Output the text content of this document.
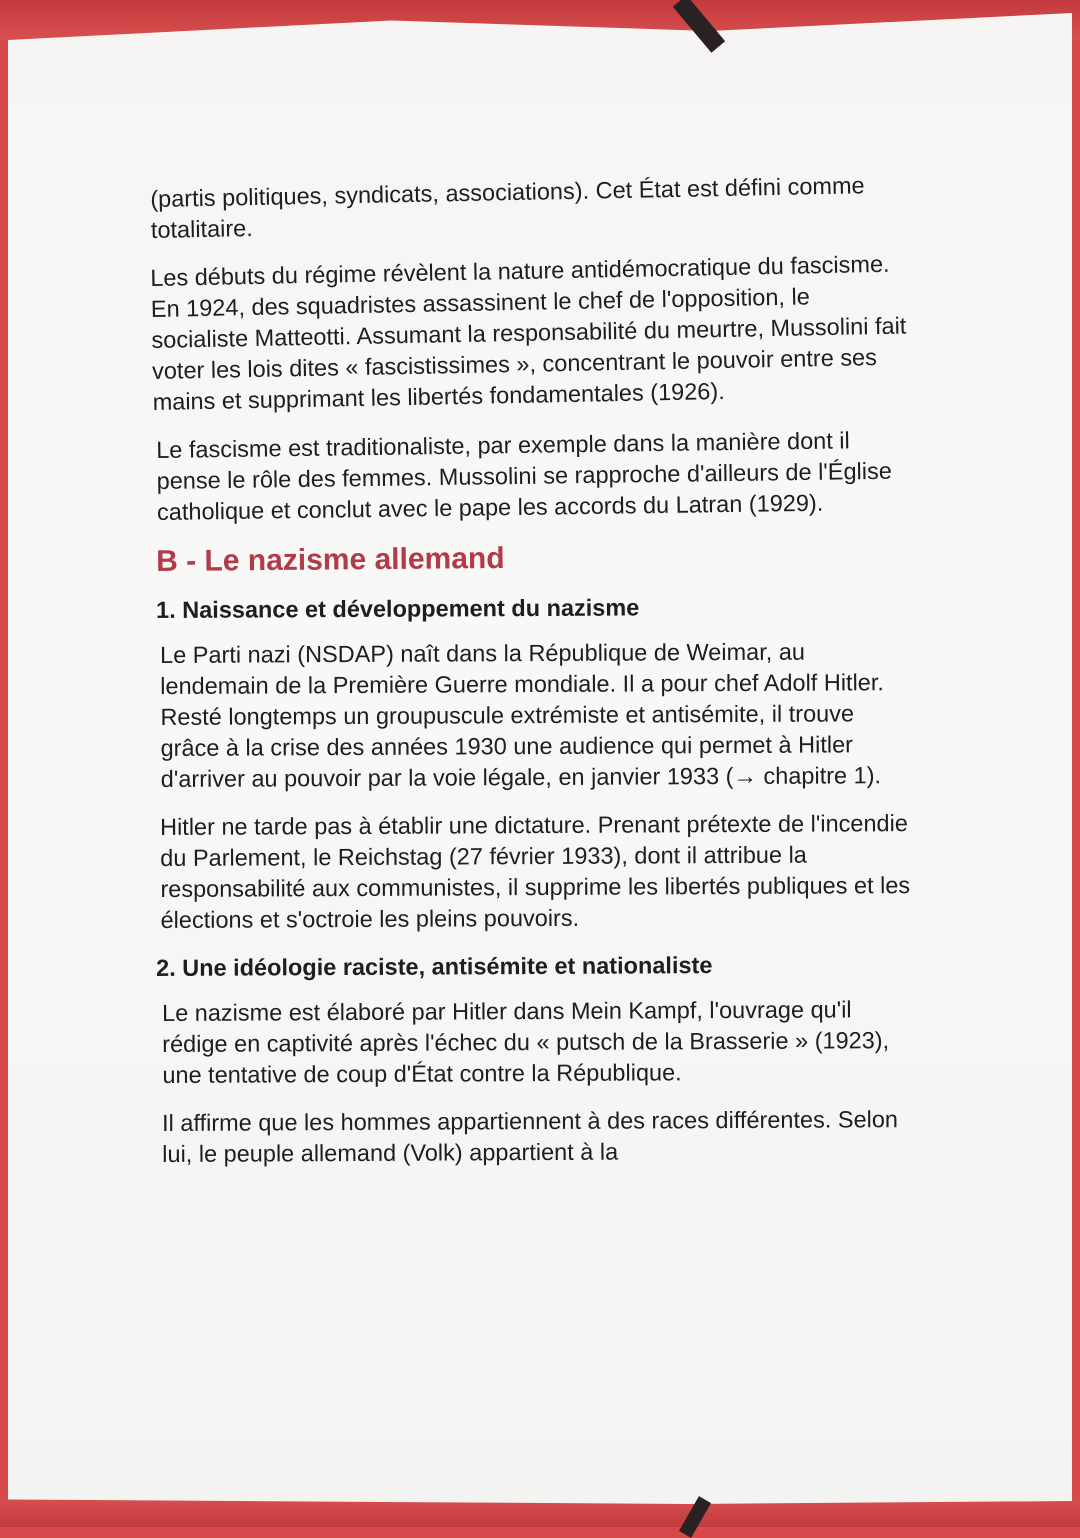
(partis politiques, syndicats, associations). Cet État est défini comme totalitaire.

Les débuts du régime révèlent la nature antidémocratique du fascisme. En 1924, des squadristes assassinent le chef de l'opposition, le socialiste Matteotti. Assumant la responsabilité du meurtre, Mussolini fait voter les lois dites « fascistissimes », concentrant le pouvoir entre ses mains et supprimant les libertés fondamentales (1926).

Le fascisme est traditionaliste, par exemple dans la manière dont il pense le rôle des femmes. Mussolini se rapproche d'ailleurs de l'Église catholique et conclut avec le pape les accords du Latran (1929).

B - Le nazisme allemand
1. Naissance et développement du nazisme

Le Parti nazi (NSDAP) naît dans la République de Weimar, au lendemain de la Première Guerre mondiale. Il a pour chef Adolf Hitler. Resté longtemps un groupuscule extrémiste et antisémite, il trouve grâce à la crise des années 1930 une audience qui permet à Hitler d'arriver au pouvoir par la voie légale, en janvier 1933 (→ chapitre 1).

Hitler ne tarde pas à établir une dictature. Prenant prétexte de l'incendie du Parlement, le Reichstag (27 février 1933), dont il attribue la responsabilité aux communistes, il supprime les libertés publiques et les élections et s'octroie les pleins pouvoirs.

2. Une idéologie raciste, antisémite et nationaliste

Le nazisme est élaboré par Hitler dans Mein Kampf, l'ouvrage qu'il rédige en captivité après l'échec du « putsch de la Brasserie » (1923), une tentative de coup d'État contre la République.

Il affirme que les hommes appartiennent à des races différentes. Selon lui, le peuple allemand (Volk) appartient à la
